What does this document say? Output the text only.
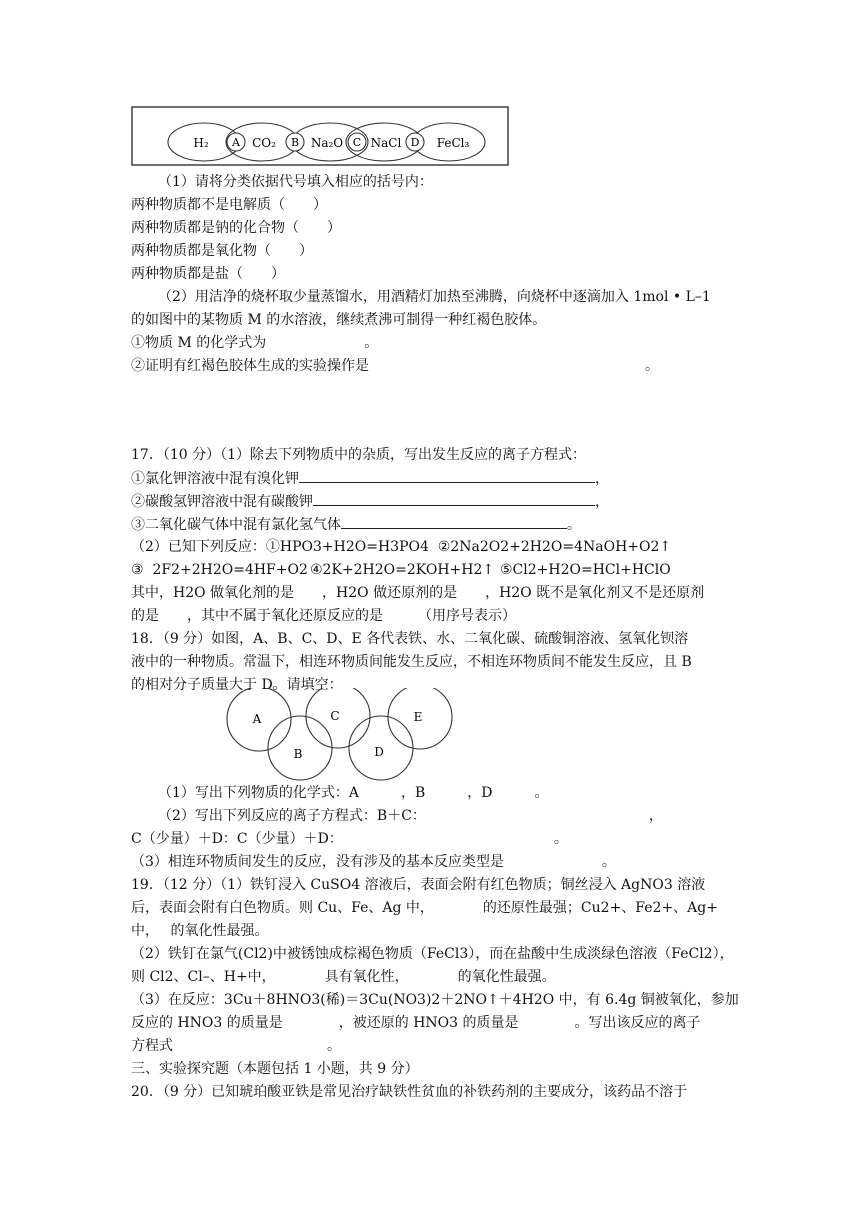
H₂	CO₂	Na₂O NaCl	FeCl₃
A	B	C	D
（1）请将分类依据代号填入相应的括号内：
两种物质都不是电解质（　　）
两种物质都是钠的化合物（　　）
两种物质都是氧化物（　　）
两种物质都是盐（　　）
（2）用洁净的烧杯取少量蒸馏水，用酒精灯加热至沸腾，向烧杯中逐滴加入 1mol • L–1
的如图中的某物质 M 的水溶液，继续煮沸可制得一种红褐色胶体。
①物质 M 的化学式为　　　　　　　。
②证明有红褐色胶体生成的实验操作是	。
17．（10 分）（1）除去下列物质中的杂质，写出发生反应的离子方程式：
①氯化钾溶液中混有溴化钾	，
②碳酸氢钾溶液中混有碳酸钾	，
③二氧化碳气体中混有氯化氢气体	。
（2）已知下列反应：①HPO3+H2O=H3PO4  ②2Na2O2+2H2O=4NaOH+O2↑
③  2F2+2H2O=4HF+O2 ④2K+2H2O=2KOH+H2↑ ⑤Cl2+H2O=HCl+HClO
其中，H2O 做氧化剂的是　　，H2O 做还原剂的是　　，H2O 既不是氧化剂又不是还原剂
的是　　，其中不属于氧化还原反应的是　　　（用序号表示）
18．（9 分）如图，A、B、C、D、E 各代表铁、水、二氧化碳、硫酸铜溶液、氢氧化钡溶
液中的一种物质。常温下，相连环物质间能发生反应，不相连环物质间不能发生反应，且 B
的相对分子质量大于 D。请填空：
A
B
C
D
E
（1）写出下列物质的化学式：A　　　，B　　　，D　　　。
（2）写出下列反应的离子方程式：B＋C：	，
C（少量）＋D：C（少量）＋D：	。
（3）相连环物质间发生的反应，没有涉及的基本反应类型是　　　　　　　。
19．（12 分）（1）铁钉浸入 CuSO4 溶液后，表面会附有红色物质；铜丝浸入 AgNO3 溶液
后，表面会附有白色物质。则 Cu、Fe、Ag 中，　　　　的还原性最强；Cu2+、Fe2+、Ag+
中，　 的氧化性最强。
（2）铁钉在氯气(Cl2)中被锈蚀成棕褐色物质（FeCl3），而在盐酸中生成淡绿色溶液（FeCl2），
则 Cl2、Cl–、H+中，　　　　具有氧化性，　　　　的氧化性最强。
（3）在反应：3Cu＋8HNO3(稀)＝3Cu(NO3)2＋2NO↑＋4H2O 中，有 6.4g 铜被氧化，参加
反应的 HNO3 的质量是　　　　，被还原的 HNO3 的质量是　　　　。写出该反应的离子
方程式　　　　　　　　　　　。
三、实验探究题（本题包括 1 小题，共 9 分）
20．（9 分）已知琥珀酸亚铁是常见治疗缺铁性贫血的补铁药剂的主要成分，该药品不溶于
